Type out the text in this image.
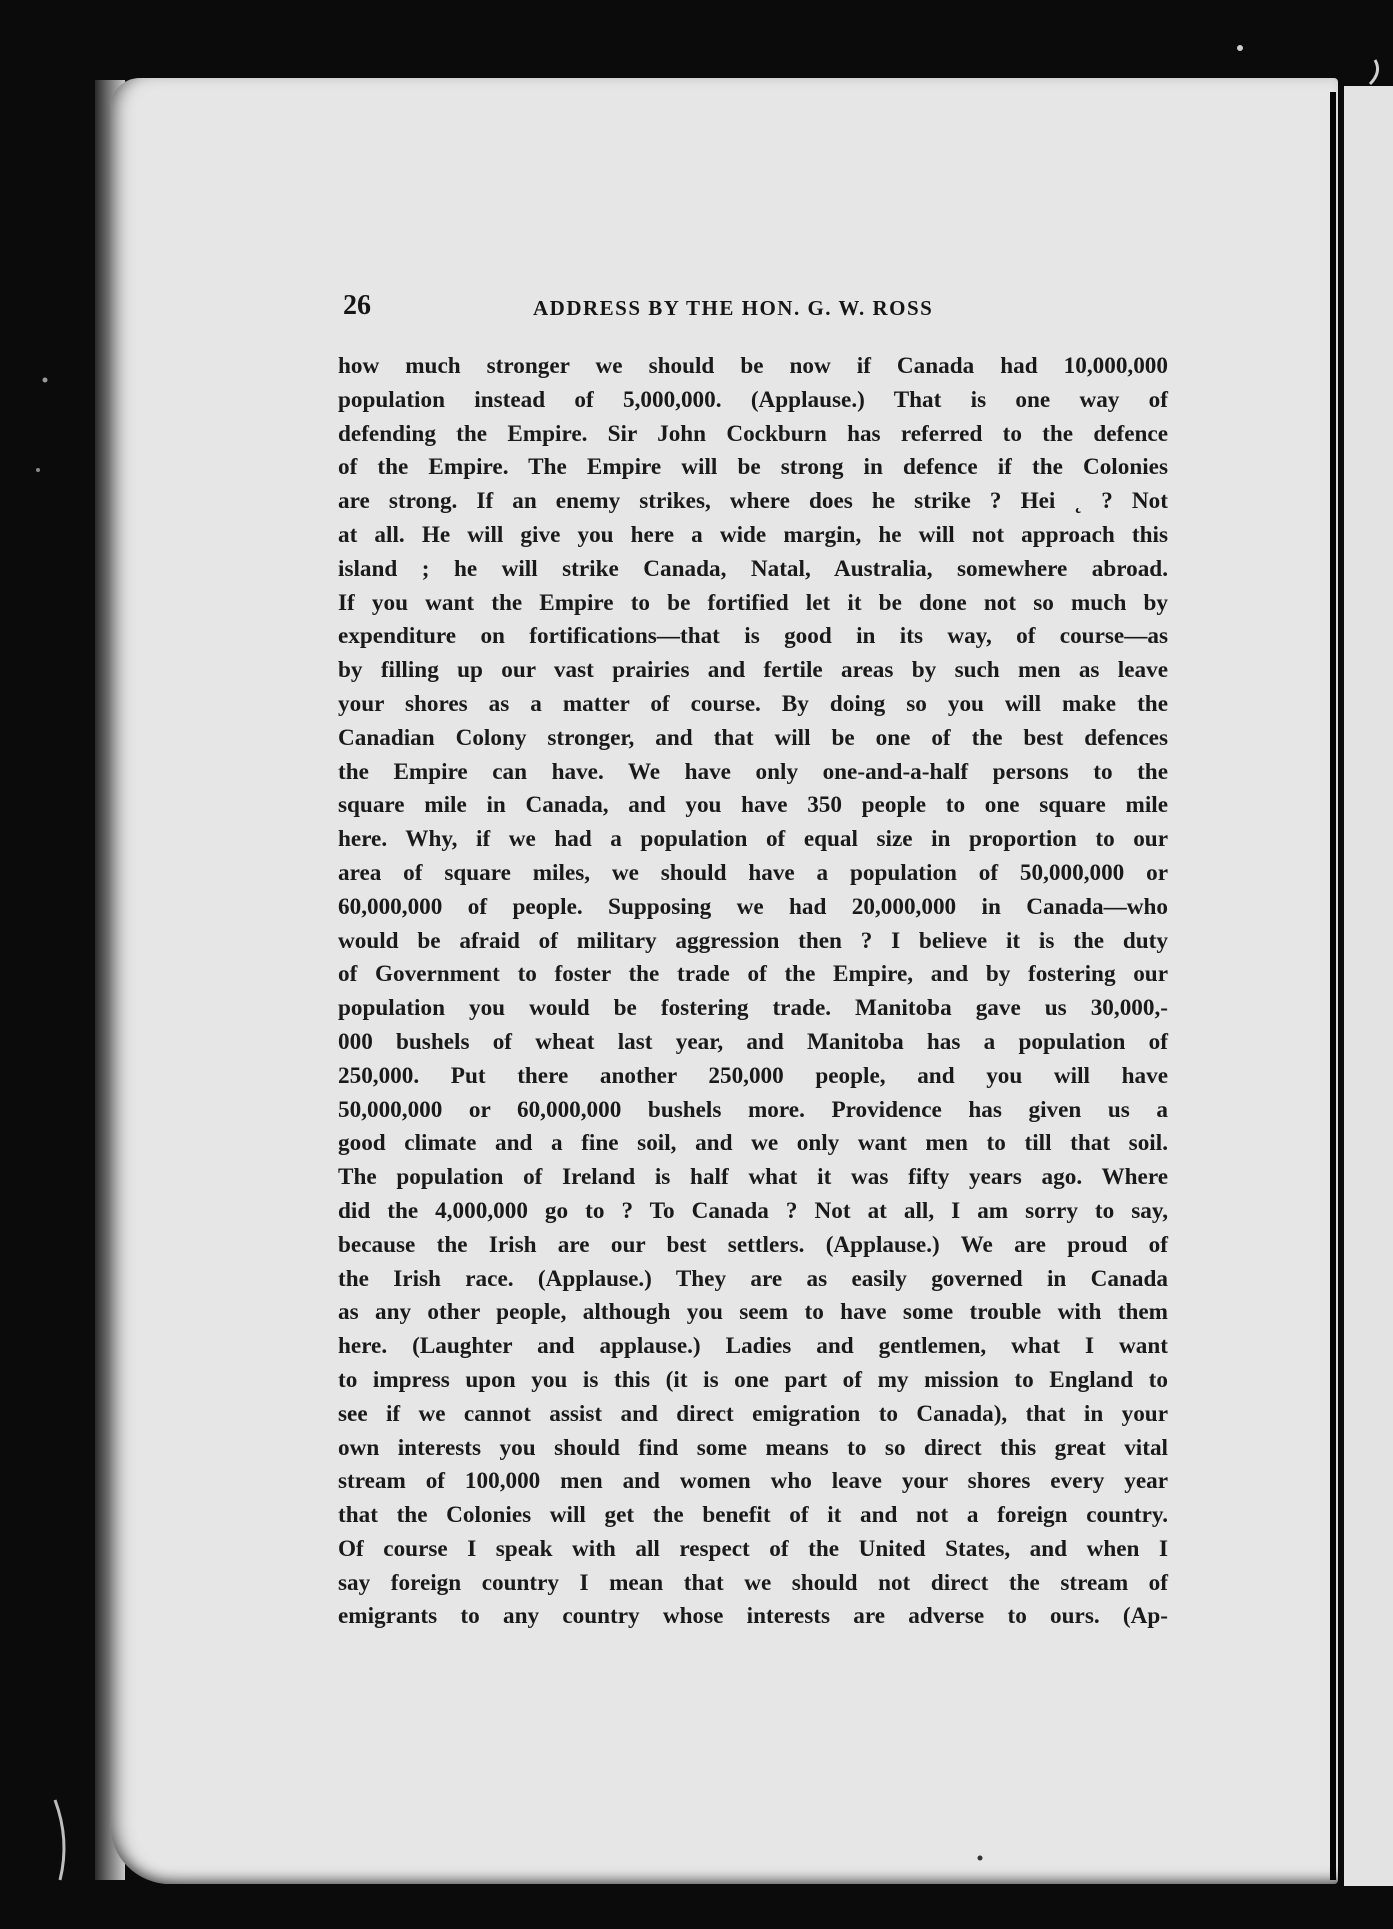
26	ADDRESS BY THE HON. G. W. ROSS
how much stronger we should be now if Canada had 10,000,000
population instead of 5,000,000. (Applause.) That is one way of
defending the Empire. Sir John Cockburn has referred to the defence
of the Empire. The Empire will be strong in defence if the Colonies
are strong. If an enemy strikes, where does he strike ? Hei ˛ ? Not
at all. He will give you here a wide margin, he will not approach this
island ; he will strike Canada, Natal, Australia, somewhere abroad.
If you want the Empire to be fortified let it be done not so much by
expenditure on fortifications—that is good in its way, of course—as
by filling up our vast prairies and fertile areas by such men as leave
your shores as a matter of course. By doing so you will make the
Canadian Colony stronger, and that will be one of the best defences
the Empire can have. We have only one-and-a-half persons to the
square mile in Canada, and you have 350 people to one square mile
here. Why, if we had a population of equal size in proportion to our
area of square miles, we should have a population of 50,000,000 or
60,000,000 of people. Supposing we had 20,000,000 in Canada—who
would be afraid of military aggression then ? I believe it is the duty
of Government to foster the trade of the Empire, and by fostering our
population you would be fostering trade. Manitoba gave us 30,000,-
000 bushels of wheat last year, and Manitoba has a population of
250,000. Put there another 250,000 people, and you will have
50,000,000 or 60,000,000 bushels more. Providence has given us a
good climate and a fine soil, and we only want men to till that soil.
The population of Ireland is half what it was fifty years ago. Where
did the 4,000,000 go to ? To Canada ? Not at all, I am sorry to say,
because the Irish are our best settlers. (Applause.) We are proud of
the Irish race. (Applause.) They are as easily governed in Canada
as any other people, although you seem to have some trouble with them
here. (Laughter and applause.) Ladies and gentlemen, what I want
to impress upon you is this (it is one part of my mission to England to
see if we cannot assist and direct emigration to Canada), that in your
own interests you should find some means to so direct this great vital
stream of 100,000 men and women who leave your shores every year
that the Colonies will get the benefit of it and not a foreign country.
Of course I speak with all respect of the United States, and when I
say foreign country I mean that we should not direct the stream of
emigrants to any country whose interests are adverse to ours. (Ap-
